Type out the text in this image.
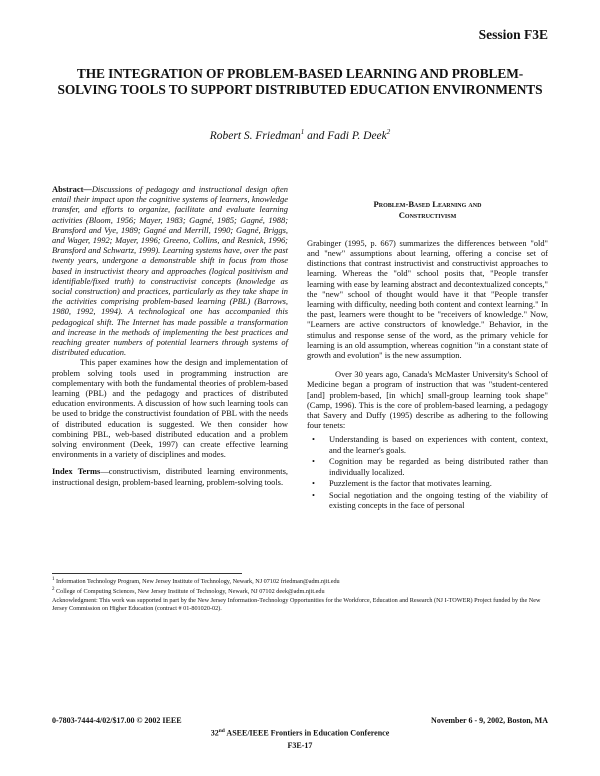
Session F3E
THE INTEGRATION OF PROBLEM-BASED LEARNING AND PROBLEM-SOLVING TOOLS TO SUPPORT DISTRIBUTED EDUCATION ENVIRONMENTS
Robert S. Friedman$^1$ and Fadi P. Deek$^2$

Abstract—Discussions of pedagogy and instructional design often entail their impact upon the cognitive systems of learners, knowledge transfer, and efforts to organize, facilitate and evaluate learning activities (Bloom, 1956; Mayer, 1983; Gagné, 1985; Gagné, 1988; Bransford and Vye, 1989; Gagné and Merrill, 1990; Gagné, Briggs, and Wager, 1992; Mayer, 1996; Greeno, Collins, and Resnick, 1996; Bransford and Schwartz, 1999). Learning systems have, over the past twenty years, undergone a demonstrable shift in focus from those based in instructivist theory and approaches (logical positivism and identifiable/fixed truth) to constructivist concepts (knowledge as social construction) and practices, particularly as they take shape in the activities comprising problem-based learning (PBL) (Barrows, 1980, 1992, 1994). A technological one has accompanied this pedagogical shift. The Internet has made possible a transformation and increase in the methods of implementing the best practices and reaching greater numbers of potential learners through systems of distributed education.

This paper examines how the design and implementation of problem solving tools used in programming instruction are complementary with both the fundamental theories of problem-based learning (PBL) and the pedagogy and practices of distributed education environments. A discussion of how such learning tools can be used to bridge the constructivist foundation of PBL with the needs of distributed education is suggested. We then consider how combining PBL, web-based distributed education and a problem solving environment (Deek, 1997) can create effective learning environments in a variety of disciplines and modes.

Index Terms—constructivism, distributed learning environments, instructional design, problem-based learning, problem-solving tools.

Problem-Based Learning and
Constructivism

Grabinger (1995, p. 667) summarizes the differences between "old" and "new" assumptions about learning, offering a concise set of distinctions that contrast instructivist and constructivist approaches to learning. Whereas the "old" school posits that, "People transfer learning with ease by learning abstract and decontextualized concepts," the "new" school of thought would have it that "People transfer learning with difficulty, needing both content and context learning." In the past, learners were thought to be "receivers of knowledge." Now, "Learners are active constructors of knowledge." Behavior, in the stimulus and response sense of the word, as the primary vehicle for learning is an old assumption, whereas cognition "in a constant state of growth and evolution" is the new assumption.

Over 30 years ago, Canada's McMaster University's School of Medicine began a program of instruction that was "student-centered [and] problem-based, [in which] small-group learning took shape" (Camp, 1996). This is the core of problem-based learning, a pedagogy that Savery and Duffy (1995) describe as adhering to the following four tenets:

• Understanding is based on experiences with content, context, and the learner's goals.
• Cognition may be regarded as being distributed rather than individually localized.
• Puzzlement is the factor that motivates learning.
• Social negotiation and the ongoing testing of the viability of existing concepts in the face of personal
$^1$ Information Technology Program, New Jersey Institute of Technology, Newark, NJ 07102 friedman@adm.njit.edu
$^2$ College of Computing Sciences, New Jersey Institute of Technology, Newark, NJ 07102 deek@adm.njit.edu
Acknowledgment: This work was supported in part by the New Jersey Information-Technology Opportunities for the Workforce, Education and Research (NJ I-TOWER) Project funded by the New Jersey Commission on Higher Education (contract # 01-801020-02).
0-7803-7444-4/02/$17.00 © 2002 IEEE	November 6 - 9, 2002, Boston, MA
32nd ASEE/IEEE Frontiers in Education Conference
F3E-17
